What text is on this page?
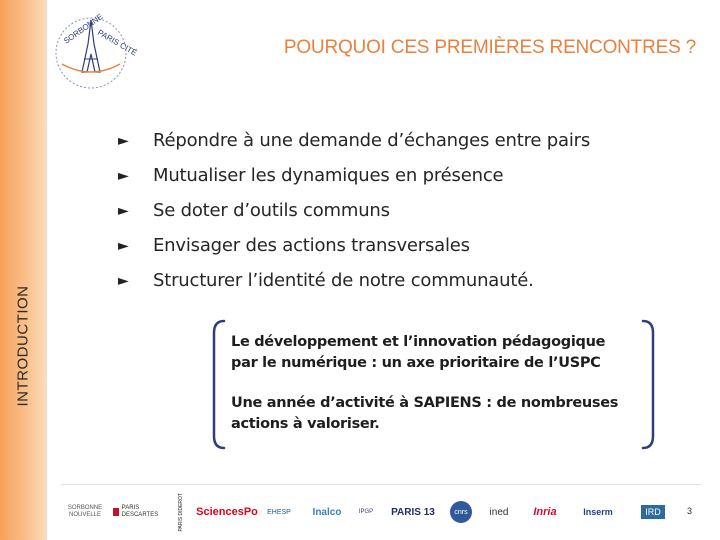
INTRODUCTION
SORBONNE
PARIS CITÉ	POURQUOI CES PREMIÈRES RENCONTRES ?
►	Répondre à une demande d’échanges entre pairs
►	Mutualiser les dynamiques en présence
►	Se doter d’outils communs
►	Envisager des actions transversales
►	Structurer l’identité de notre communauté.

Le développement et l’innovation pédagogique

par le numérique : un axe prioritaire de l’USPC

Une année d’activité à SAPIENS : de nombreuses

actions à valoriser.

SORBONNE NOUVELLE
PARIS DESCARTES	PARIS DIDEROT SciencesPo EHESP Inalco	IPGP PARIS 13	cnrs	ined Inria	Inserm	IRD	3
